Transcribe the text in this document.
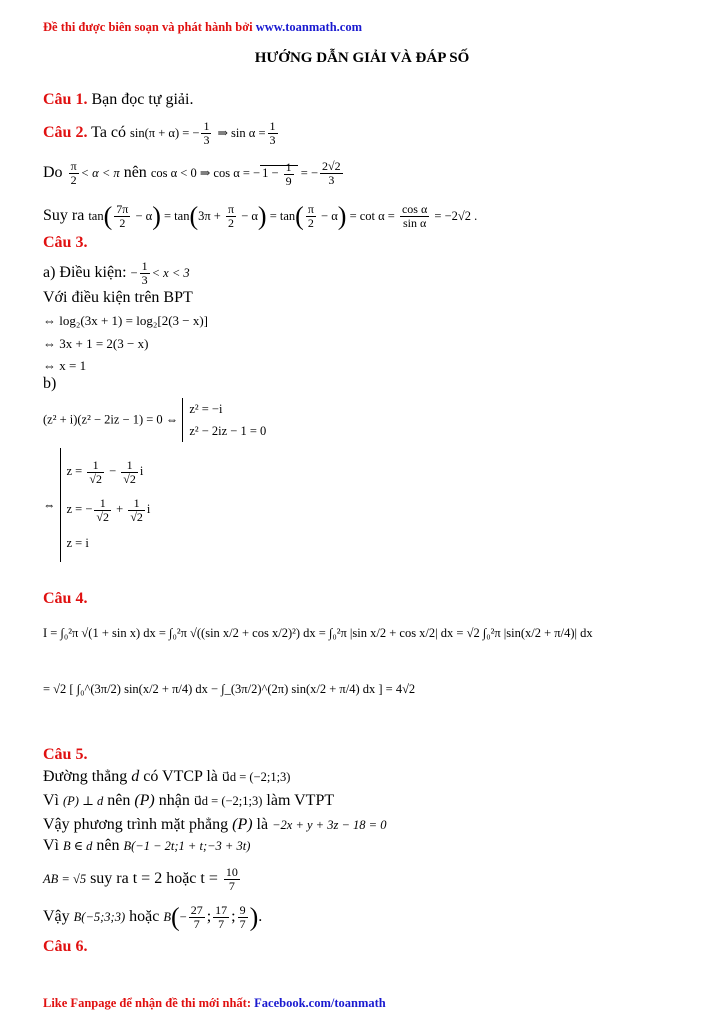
Đề thi được biên soạn và phát hành bởi www.toanmath.com
HƯỚNG DẪN GIẢI VÀ ĐÁP SỐ
Câu 1. Bạn đọc tự giải.
Câu 2. Ta có sin(π + α) = − $\frac{1}{3}$ ⇒ $\sin \alpha = \frac{1}{3}$
Do $\frac{\pi}{2} < \alpha < \pi$ nên cos α < 0 ⇒ cos α = − $1 - \frac{1}{9}$ = − $\frac{2√2}{3}$
Suy ra $\tan( \frac{7\pi}{2} - \alpha) = \tan(3\pi + \frac{\pi}{2} - \alpha) = \tan( \frac{\pi}{2} - \alpha) = \cot \alpha = \frac{\text{cos α}}{\text{sin α}} = -2√2$ .
Câu 3.
a) Điều kiện: − $\frac{1}{3} < x < 3$
Với điều kiện trên BPT
⇔ log₂(3x + 1) = log₂[2(3 − x)]
⇔ 3x + 1 = 2(3 − x)
⇔ x = 1
b)
(z² + i)(z² − 2iz − 1) = 0 ⇔
z² = −i
z² − 2iz − 1 = 0
⇔
$z = \frac{1}{√2} - \frac{1}{√2}$ i
z = − $\frac{1}{√2} + \frac{1}{√2}$ i
z = i
Câu 4.
I = ∫₀²π √(1 + sin x) dx = ∫₀²π √((sin x/2 + cos x/2)²) dx = ∫₀²π |sin x/2 + cos x/2| dx = √2 ∫₀²π |sin(x/2 + π/4)| dx
= √2 [ ∫₀^(3π/2) sin(x/2 + π/4) dx − ∫_(3π/2)^(2π) sin(x/2 + π/4) dx ] = 4√2
Câu 5.
Đường thẳng d có VTCP là u⃗d = (−2;1;3)
Vì (P) ⊥ d nên (P) nhận u⃗d = (−2;1;3) làm VTPT
Vậy phương trình mặt phẳng (P) là −2x + y + 3z − 18 = 0
Vì B ∈ d nên B(−1 − 2t;1 + t;−3 + 3t)
AB = √5 suy ra t = 2 hoặc $t = \frac{10}{7}$
Vậy B(−5;3;3) hoặc $B(- \frac{27}{7}$ ; $\frac{17}{7}$ ; $\frac{9}{7}$ ).
Câu 6.
Like Fanpage để nhận đề thi mới nhất: Facebook.com/toanmath
